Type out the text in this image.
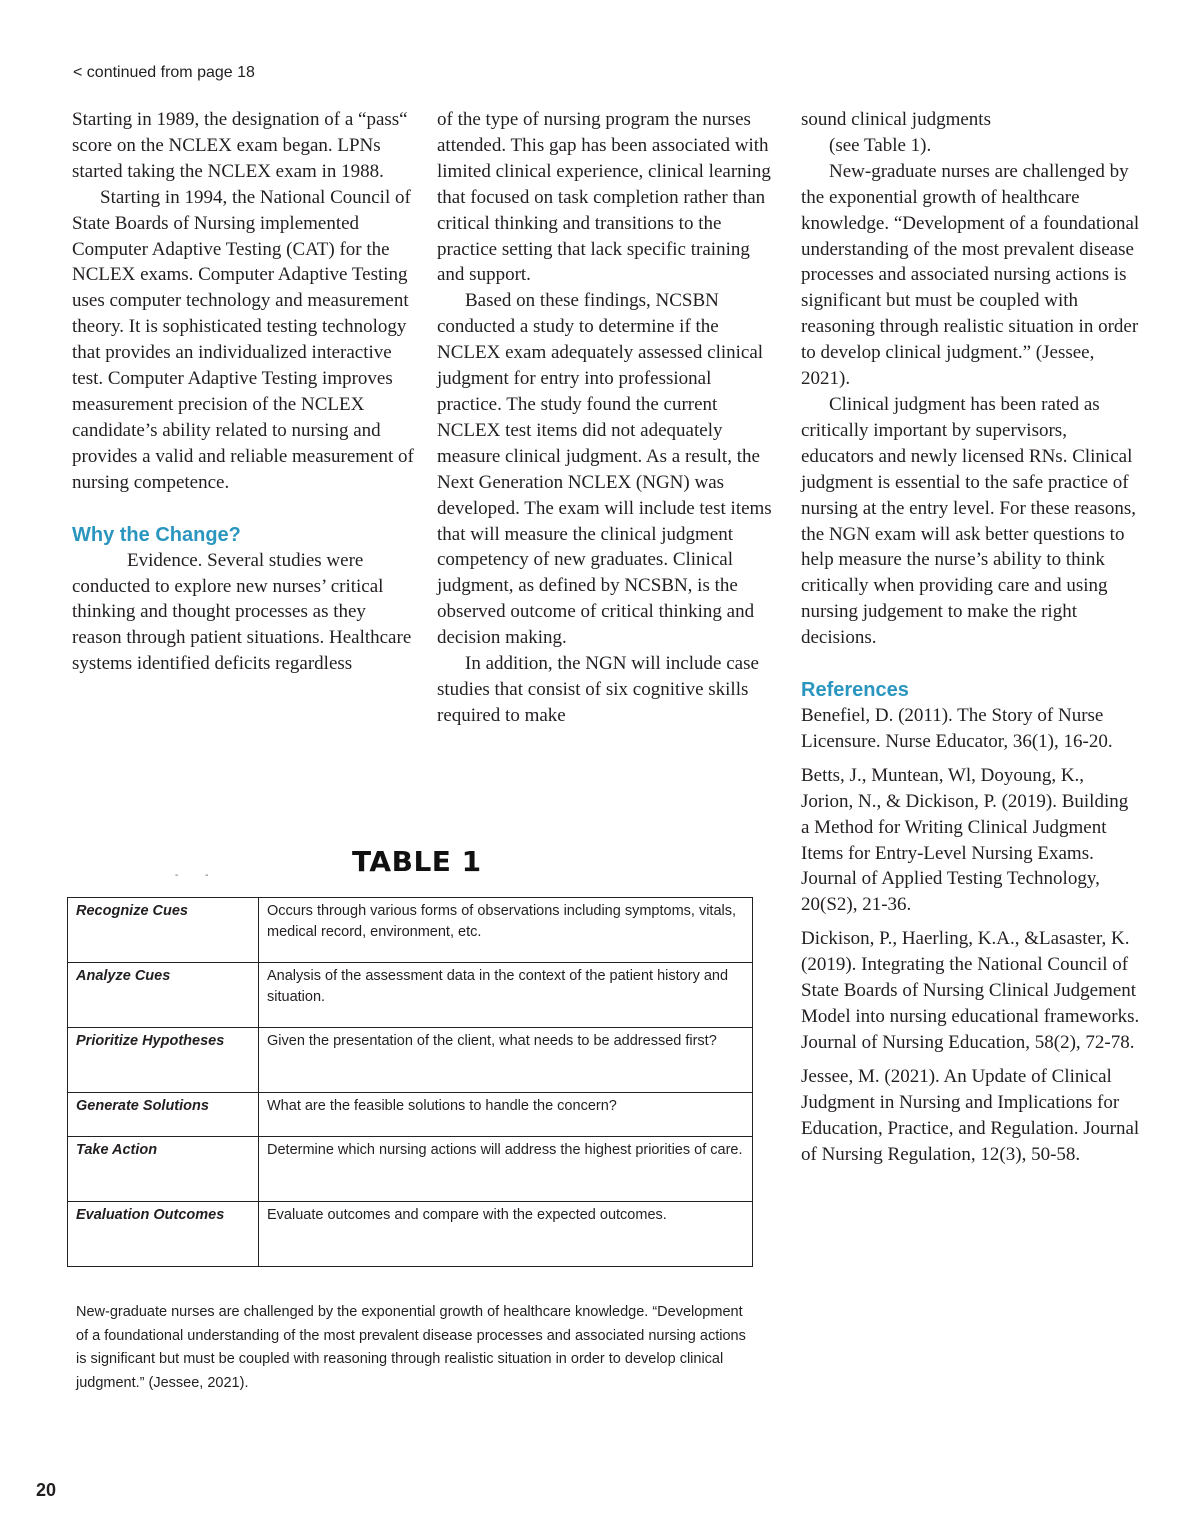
< continued from page 18

Starting in 1989, the designation of a “pass“ score on the NCLEX exam began. LPNs started taking the NCLEX exam in 1988.

Starting in 1994, the National Council of State Boards of Nursing implemented Computer Adaptive Testing (CAT) for the NCLEX exams. Computer Adaptive Testing uses computer technology and measurement theory. It is sophisticated testing technology that provides an individualized interactive test. Computer Adaptive Testing improves measurement precision of the NCLEX candidate’s ability related to nursing and provides a valid and reliable measurement of nursing competence.

Why the Change?

Evidence. Several studies were conducted to explore new nurses’ critical thinking and thought processes as they reason through patient situations. Healthcare systems identified deficits regardless

of the type of nursing program the nurses attended. This gap has been associated with limited clinical experience, clinical learning that focused on task completion rather than critical thinking and transitions to the practice setting that lack specific training and support.

Based on these findings, NCSBN conducted a study to determine if the NCLEX exam adequately assessed clinical judgment for entry into professional practice. The study found the current NCLEX test items did not adequately measure clinical judgment. As a result, the Next Generation NCLEX (NGN) was developed. The exam will include test items that will measure the clinical judgment competency of new graduates. Clinical judgment, as defined by NCSBN, is the observed outcome of critical thinking and decision making.

In addition, the NGN will include case studies that consist of six cognitive skills required to make

sound clinical judgments

(see Table 1).

New-graduate nurses are challenged by the exponential growth of healthcare knowledge. “Development of a foundational understanding of the most prevalent disease processes and associated nursing actions is significant but must be coupled with reasoning through realistic situation in order to develop clinical judgment.” (Jessee, 2021).

Clinical judgment has been rated as critically important by supervisors, educators and newly licensed RNs. Clinical judgment is essential to the safe practice of nursing at the entry level. For these reasons, the NGN exam will ask better questions to help measure the nurse’s ability to think critically when providing care and using nursing judgement to make the right decisions.

References

Benefiel, D. (2011). The Story of Nurse Licensure. Nurse Educator, 36(1), 16-20.

Betts, J., Muntean, Wl, Doyoung, K., Jorion, N., & Dickison, P. (2019). Building a Method for Writing Clinical Judgment Items for Entry-Level Nursing Exams. Journal of Applied Testing Technology, 20(S2), 21-36.

Dickison, P., Haerling, K.A., &Lasaster, K. (2019). Integrating the National Council of State Boards of Nursing Clinical Judgement Model into nursing educational frameworks. Journal of Nursing Education, 58(2), 72-78.

Jessee, M. (2021). An Update of Clinical Judgment in Nursing and Implications for Education, Practice, and Regulation. Journal of Nursing Regulation, 12(3), 50-58.

TABLE 1
- -
Recognize Cues	Occurs through various forms of observations including symptoms, vitals, medical record, environment, etc.
Analyze Cues	Analysis of the assessment data in the context of the patient history and situation.
Prioritize Hypotheses	Given the presentation of the client, what needs to be addressed first?
Generate Solutions	What are the feasible solutions to handle the concern?
Take Action	Determine which nursing actions will address the highest priorities of care.
Evaluation Outcomes	Evaluate outcomes and compare with the expected outcomes.
New-graduate nurses are challenged by the exponential growth of healthcare knowledge. “Development of a foundational understanding of the most prevalent disease processes and associated nursing actions is significant but must be coupled with reasoning through realistic situation in order to develop clinical judgment.” (Jessee, 2021).
20
